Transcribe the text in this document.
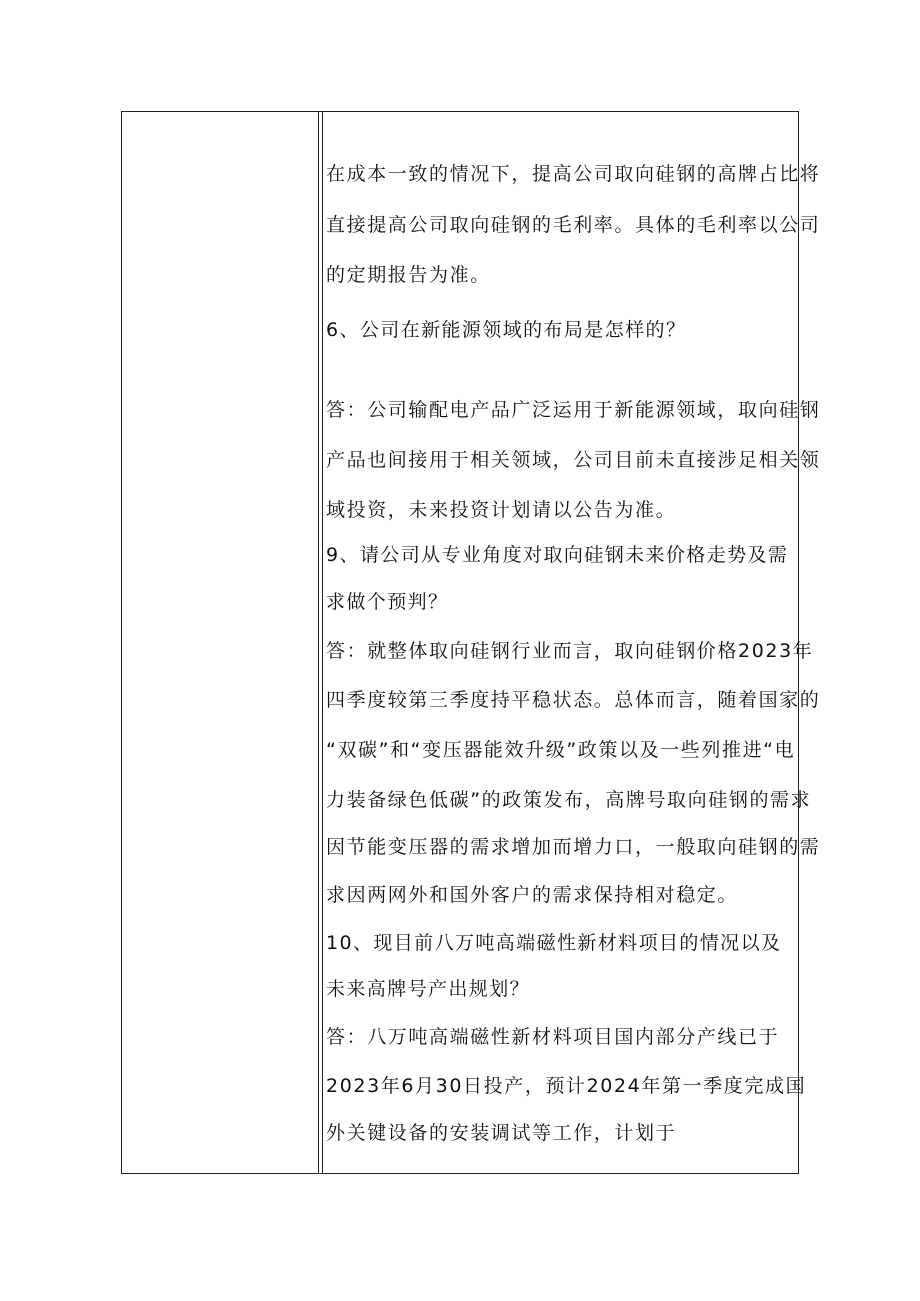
在成本一致的情况下，提高公司取向硅钢的高牌占比将
直接提高公司取向硅钢的毛利率。具体的毛利率以公司
的定期报告为准。
6、公司在新能源领域的布局是怎样的？
答：公司输配电产品广泛运用于新能源领域，取向硅钢
产品也间接用于相关领域，公司目前未直接涉足相关领
域投资，未来投资计划请以公告为准。
9、请公司从专业角度对取向硅钢未来价格走势及需
求做个预判？
答：就整体取向硅钢行业而言，取向硅钢价格2023年
四季度较第三季度持平稳状态。总体而言，随着国家的
“双碳”和“变压器能效升级”政策以及一些列推进“电
力装备绿色低碳”的政策发布，高牌号取向硅钢的需求
因节能变压器的需求增加而增力口，一般取向硅钢的需
求因两网外和国外客户的需求保持相对稳定。
10、现目前八万吨高端磁性新材料项目的情况以及
未来高牌号产出规划？
答：八万吨高端磁性新材料项目国内部分产线已于
2023年6月30日投产，预计2024年第一季度完成国
外关键设备的安装调试等工作，计划于
